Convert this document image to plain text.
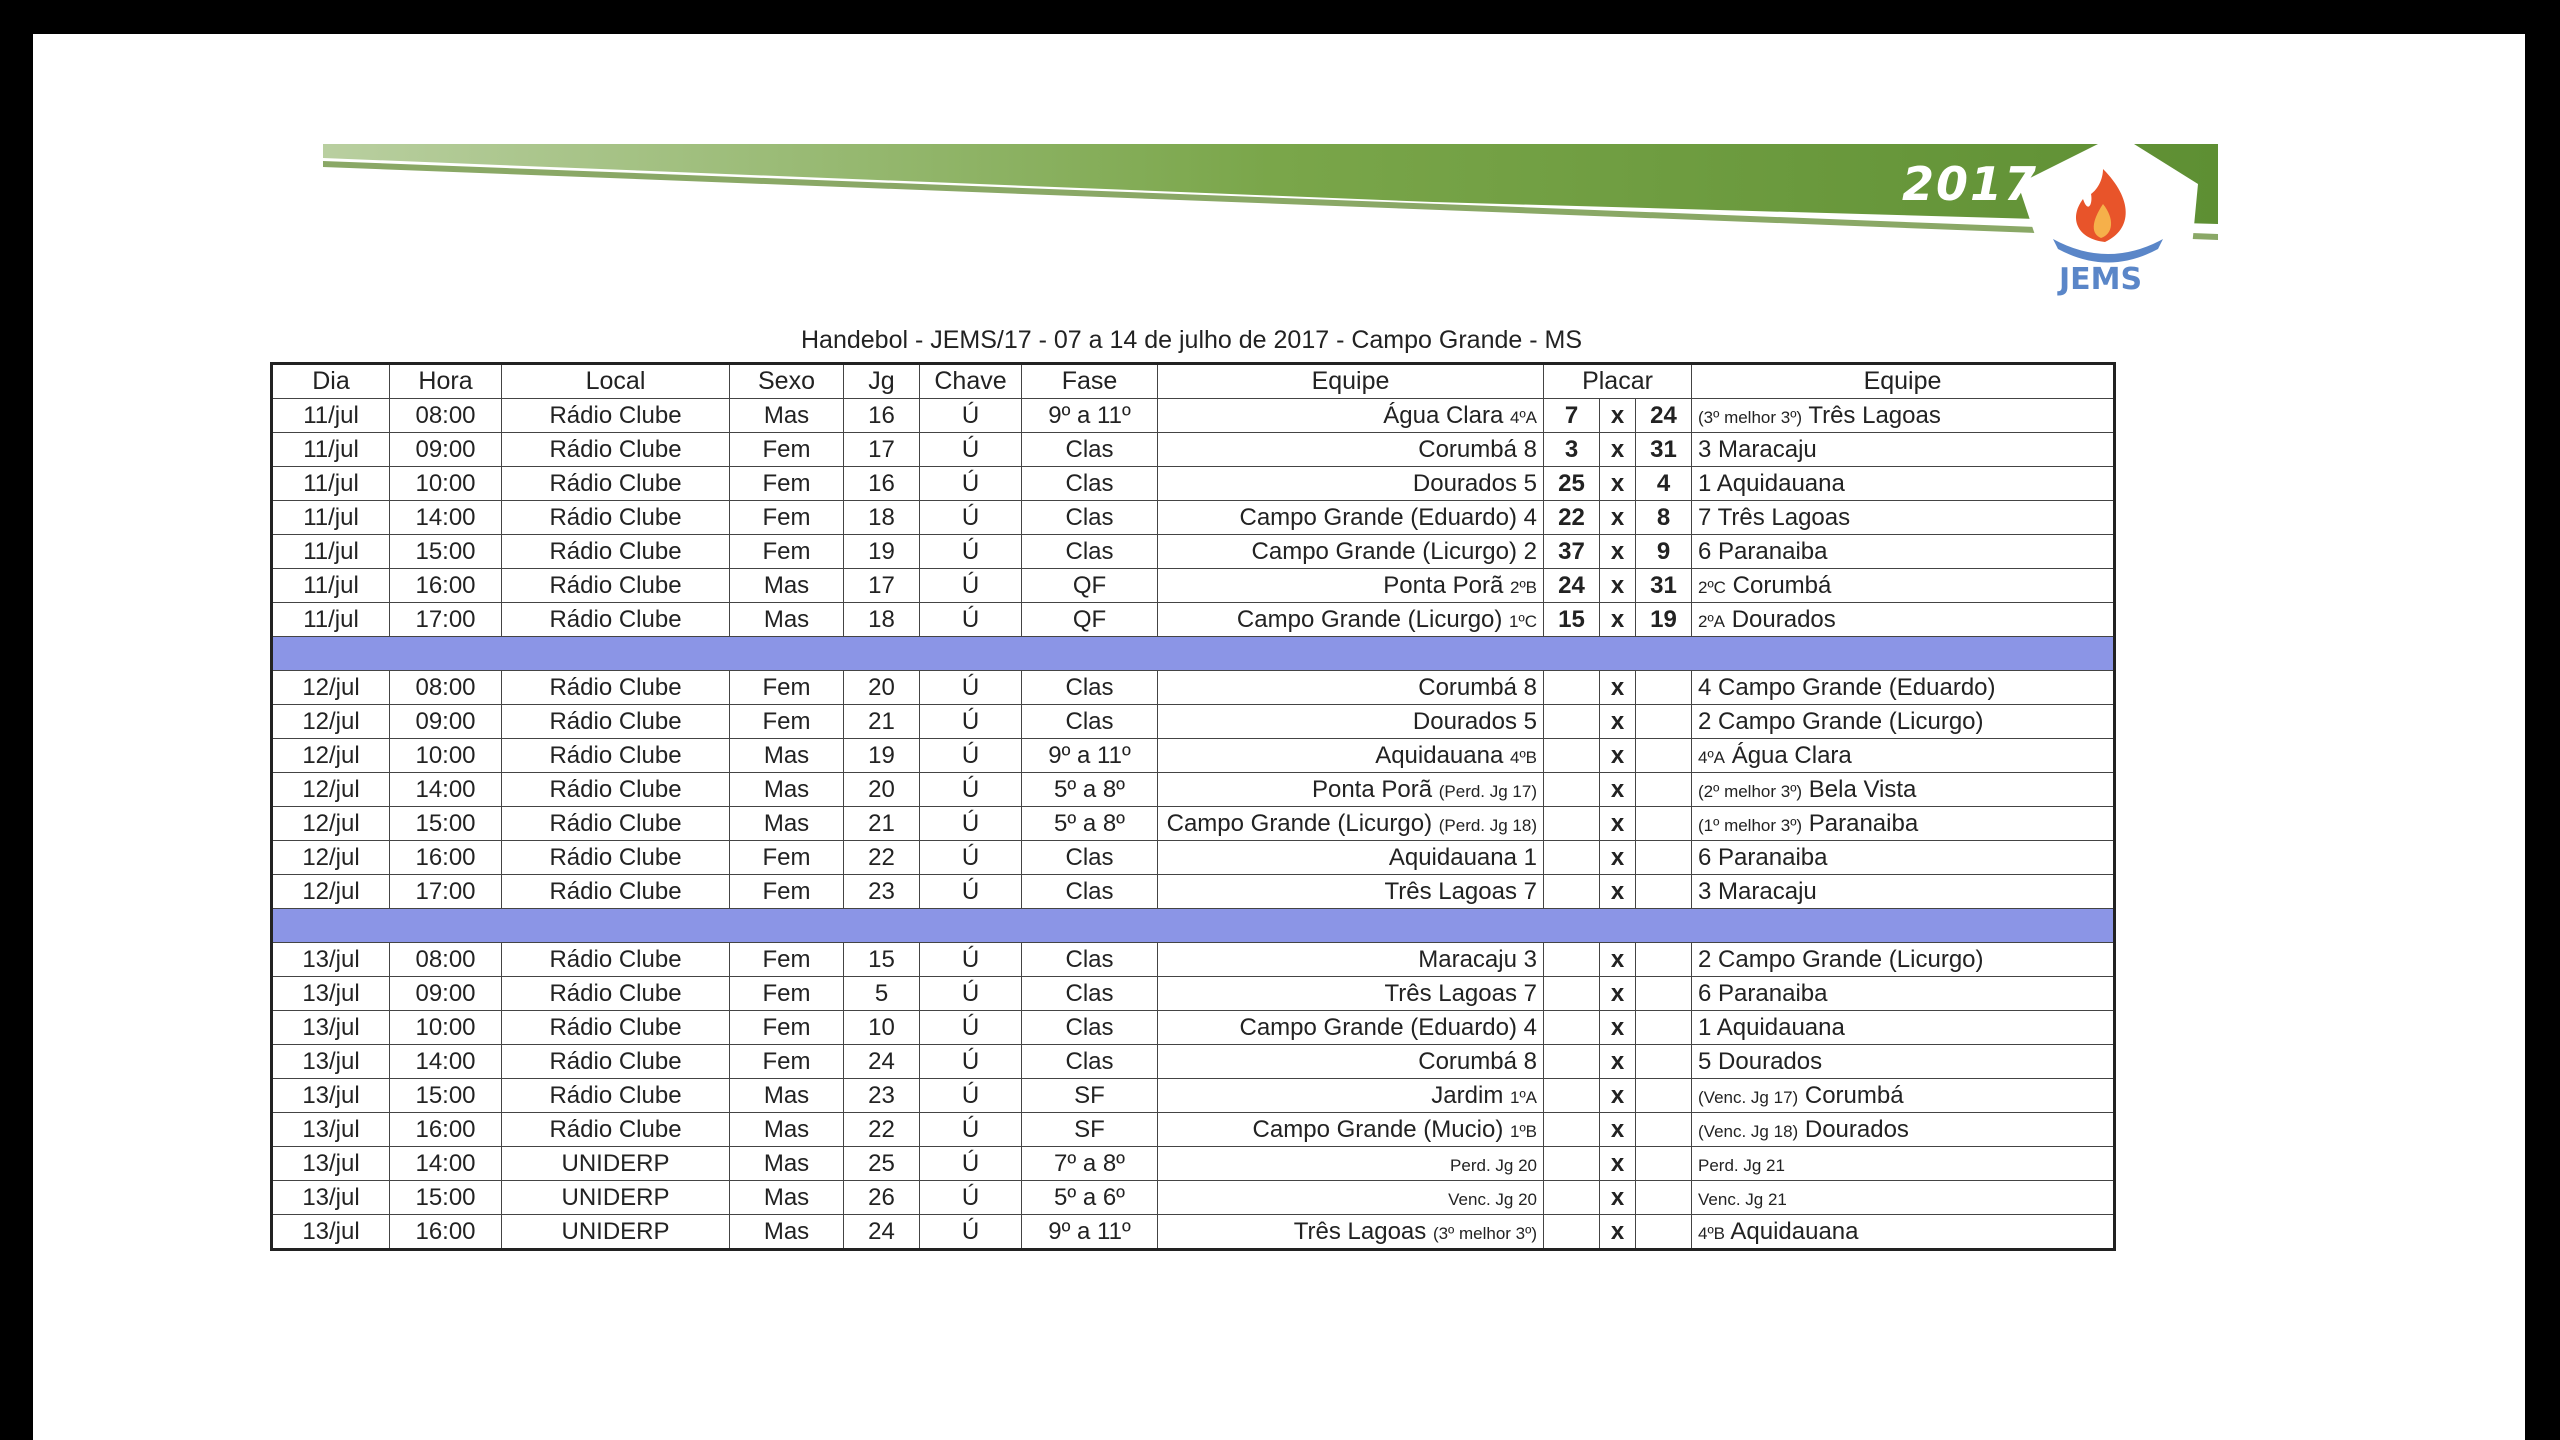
2017
JEMS
Handebol - JEMS/17 - 07 a 14 de julho de 2017 - Campo Grande - MS
Dia	Hora	Local	Sexo	Jg	Chave	Fase	Equipe	Placar			Equipe
11/jul	08:00	Rádio Clube	Mas	16	Ú	9º a 11º	Água Clara 4ºA	7	x	24	(3º melhor 3º) Três Lagoas
11/jul	09:00	Rádio Clube	Fem	17	Ú	Clas	Corumbá 8	3	x	31	3 Maracaju
11/jul	10:00	Rádio Clube	Fem	16	Ú	Clas	Dourados 5	25	x	4	1 Aquidauana
11/jul	14:00	Rádio Clube	Fem	18	Ú	Clas	Campo Grande (Eduardo) 4	22	x	8	7 Três Lagoas
11/jul	15:00	Rádio Clube	Fem	19	Ú	Clas	Campo Grande (Licurgo) 2	37	x	9	6 Paranaiba
11/jul	16:00	Rádio Clube	Mas	17	Ú	QF	Ponta Porã 2ºB	24	x	31	2ºC Corumbá
11/jul	17:00	Rádio Clube	Mas	18	Ú	QF	Campo Grande (Licurgo) 1ºC	15	x	19	2ºA Dourados

12/jul	08:00	Rádio Clube	Fem	20	Ú	Clas	Corumbá 8		x		4 Campo Grande (Eduardo)
12/jul	09:00	Rádio Clube	Fem	21	Ú	Clas	Dourados 5		x		2 Campo Grande (Licurgo)
12/jul	10:00	Rádio Clube	Mas	19	Ú	9º a 11º	Aquidauana 4ºB		x		4ºA Água Clara
12/jul	14:00	Rádio Clube	Mas	20	Ú	5º a 8º	Ponta Porã (Perd. Jg 17)		x		(2º melhor 3º) Bela Vista
12/jul	15:00	Rádio Clube	Mas	21	Ú	5º a 8º	Campo Grande (Licurgo) (Perd. Jg 18)		x		(1º melhor 3º) Paranaiba
12/jul	16:00	Rádio Clube	Fem	22	Ú	Clas	Aquidauana 1		x		6 Paranaiba
12/jul	17:00	Rádio Clube	Fem	23	Ú	Clas	Três Lagoas 7		x		3 Maracaju

13/jul	08:00	Rádio Clube	Fem	15	Ú	Clas	Maracaju 3		x		2 Campo Grande (Licurgo)
13/jul	09:00	Rádio Clube	Fem	5	Ú	Clas	Três Lagoas 7		x		6 Paranaiba
13/jul	10:00	Rádio Clube	Fem	10	Ú	Clas	Campo Grande (Eduardo) 4		x		1 Aquidauana
13/jul	14:00	Rádio Clube	Fem	24	Ú	Clas	Corumbá 8		x		5 Dourados
13/jul	15:00	Rádio Clube	Mas	23	Ú	SF	Jardim 1ºA		x		(Venc. Jg 17) Corumbá
13/jul	16:00	Rádio Clube	Mas	22	Ú	SF	Campo Grande (Mucio) 1ºB		x		(Venc. Jg 18) Dourados
13/jul	14:00	UNIDERP	Mas	25	Ú	7º a 8º	Perd. Jg 20		x		Perd. Jg 21
13/jul	15:00	UNIDERP	Mas	26	Ú	5º a 6º	Venc. Jg 20		x		Venc. Jg 21
13/jul	16:00	UNIDERP	Mas	24	Ú	9º a 11º	Três Lagoas (3º melhor 3º)		x		4ºB Aquidauana
